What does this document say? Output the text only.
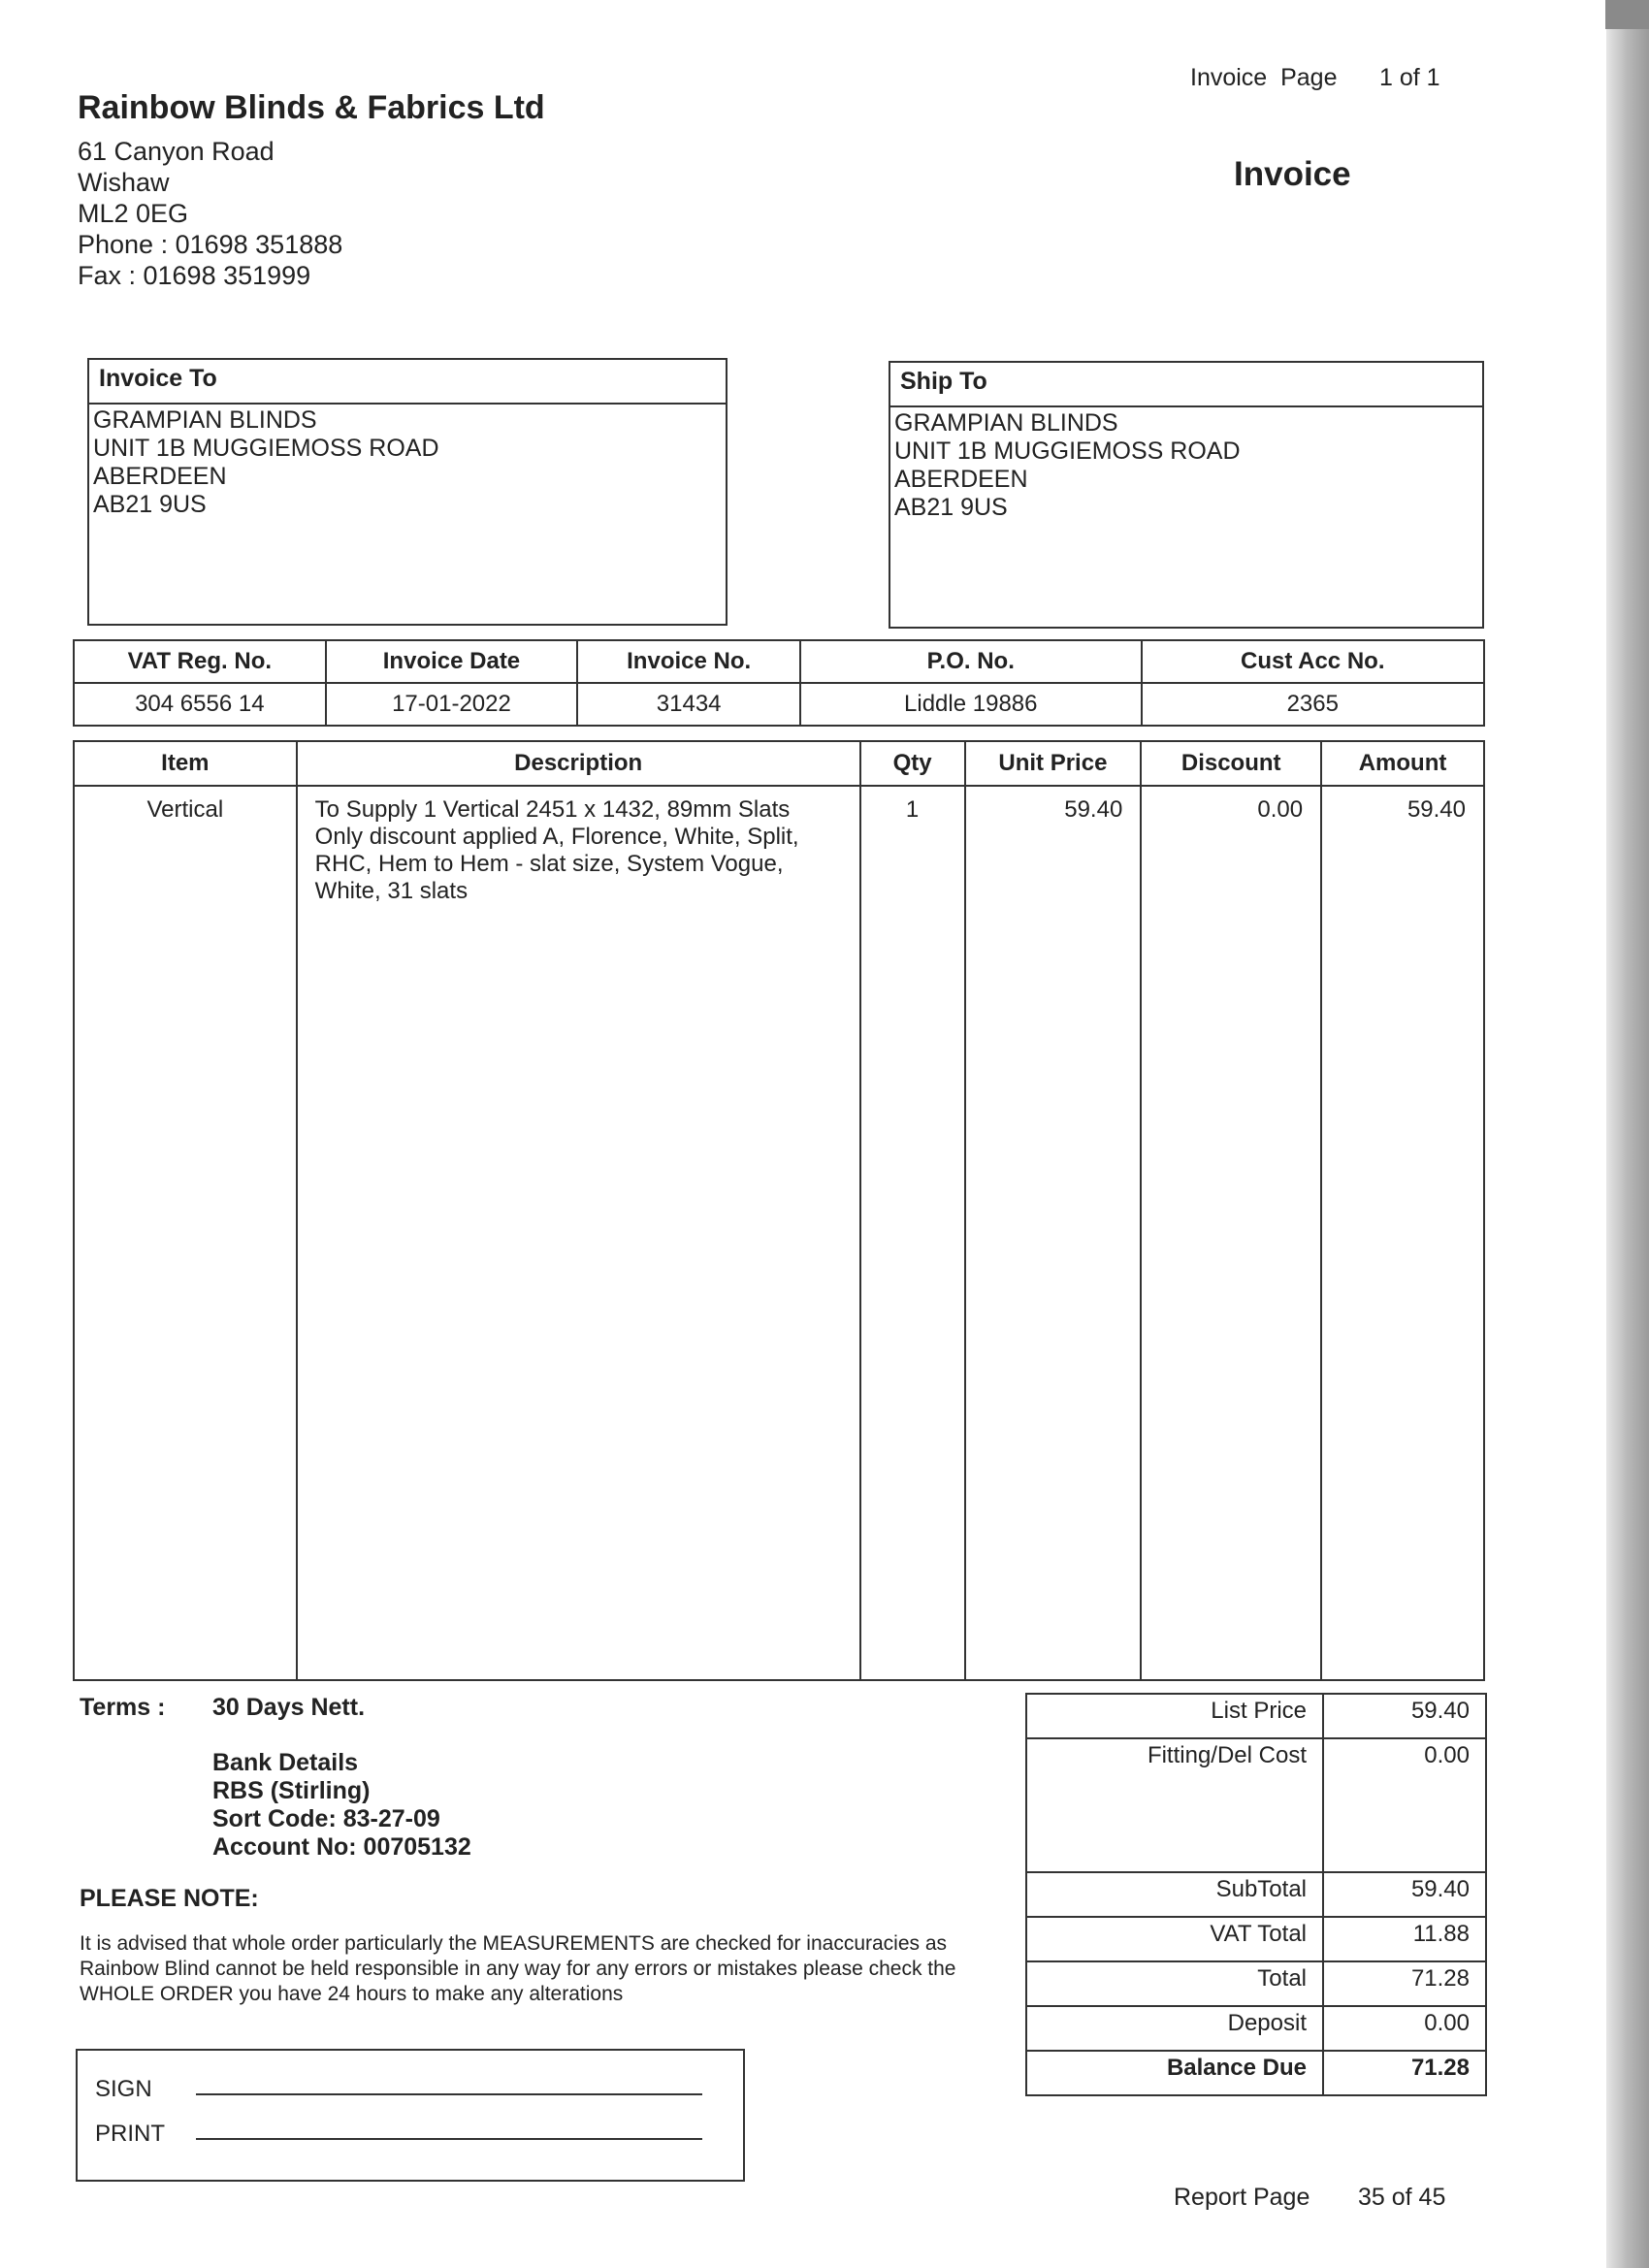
Rainbow Blinds & Fabrics Ltd
61 Canyon Road
Wishaw
ML2 0EG
Phone : 01698 351888
Fax : 01698 351999
Invoice  Page 1 of 1
Invoice
Invoice To
GRAMPIAN BLINDS
UNIT 1B MUGGIEMOSS ROAD
ABERDEEN
AB21 9US
Ship To
GRAMPIAN BLINDS
UNIT 1B MUGGIEMOSS ROAD
ABERDEEN
AB21 9US
VAT Reg. No.	Invoice Date	Invoice No.	P.O. No.	Cust Acc No.
304 6556 14	17-01-2022	31434	Liddle 19886	2365
Item	Description	Qty	Unit Price	Discount	Amount
Vertical	To Supply 1 Vertical 2451 x 1432, 89mm Slats Only discount applied A, Florence, White, Split, RHC, Hem to Hem - slat size, System Vogue, White, 31 slats	1	59.40	0.00	59.40
Terms : 30 Days Nett.
Bank Details
RBS (Stirling)
Sort Code: 83-27-09
Account No: 00705132
PLEASE NOTE:
It is advised that whole order particularly the MEASUREMENTS are checked for inaccuracies as Rainbow Blind cannot be held responsible in any way for any errors or mistakes please check the WHOLE ORDER you have 24 hours to make any alterations
SIGN
PRINT
List Price	59.40
Fitting/Del Cost	0.00
SubTotal	59.40
VAT Total	11.88
Total	71.28
Deposit	0.00
Balance Due	71.28
Report Page 35 of 45
